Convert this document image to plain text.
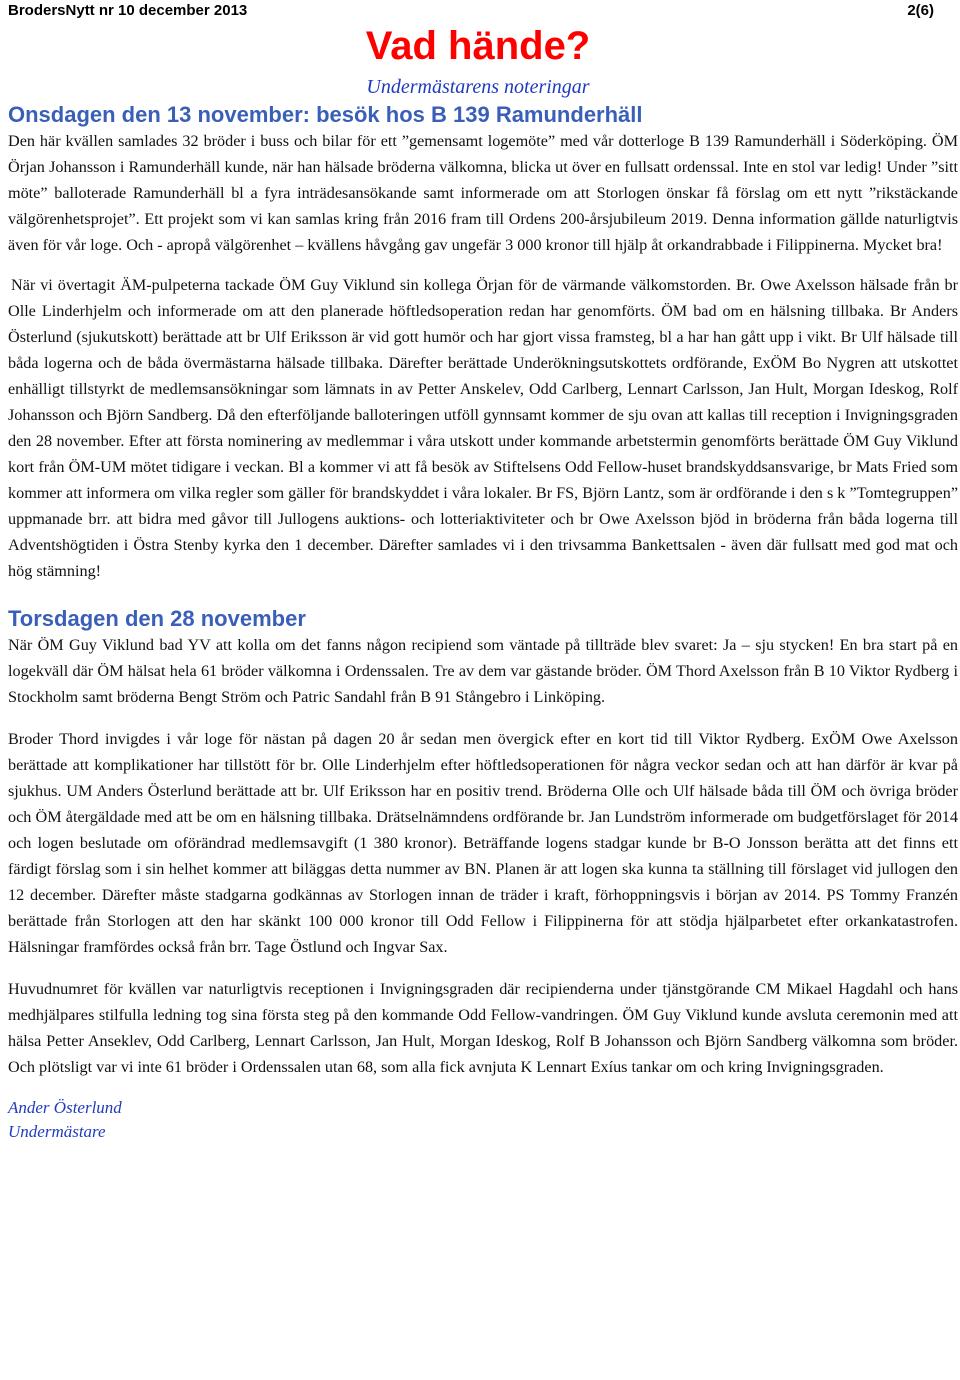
BrodersNytt nr 10 december 2013	2(6)
Vad hände?
Undermästarens noteringar
Onsdagen den 13 november: besök hos B 139 Ramunderhäll

Den här kvällen samlades 32 bröder i buss och bilar för ett ”gemensamt logemöte” med vår dotterloge B 139 Ramunderhäll i Söderköping. ÖM Örjan Johansson i Ramunderhäll kunde, när han hälsade bröderna välkomna, blicka ut över en fullsatt ordenssal. Inte en stol var ledig! Under ”sitt möte” balloterade Ramunderhäll bl a fyra inträdesansökande samt informerade om att Storlogen önskar få förslag om ett nytt ”rikstäckande välgörenhetsprojet”. Ett projekt som vi kan samlas kring från 2016 fram till Ordens 200-årsjubileum 2019. Denna information gällde naturligtvis även för vår loge. Och - apropå välgörenhet – kvällens håvgång gav ungefär 3 000 kronor till hjälp åt orkandrabbade i Filippinerna. Mycket bra!

När vi övertagit ÄM-pulpeterna tackade ÖM Guy Viklund sin kollega Örjan för de värmande välkomstorden. Br. Owe Axelsson hälsade från br Olle Linderhjelm och informerade om att den planerade höftledsoperation redan har genomförts. ÖM bad om en hälsning tillbaka. Br Anders Österlund (sjukutskott) berättade att br Ulf Eriksson är vid gott humör och har gjort vissa framsteg, bl a har han gått upp i vikt. Br Ulf hälsade till båda logerna och de båda övermästarna hälsade tillbaka. Därefter berättade Underökningsutskottets ordförande, ExÖM Bo Nygren att utskottet enhälligt tillstyrkt de medlemsansökningar som lämnats in av Petter Anskelev, Odd Carlberg, Lennart Carlsson, Jan Hult, Morgan Ideskog, Rolf Johansson och Björn Sandberg. Då den efterföljande balloteringen utföll gynnsamt kommer de sju ovan att kallas till reception i Invigningsgraden den 28 november. Efter att första nominering av medlemmar i våra utskott under kommande arbetstermin genomförts berättade ÖM Guy Viklund kort från ÖM-UM mötet tidigare i veckan. Bl a kommer vi att få besök av Stiftelsens Odd Fellow-huset brandskyddsansvarige, br Mats Fried som kommer att informera om vilka regler som gäller för brandskyddet i våra lokaler. Br FS, Björn Lantz, som är ordförande i den s k ”Tomtegruppen” uppmanade brr. att bidra med gåvor till Jullogens auktions- och lotteriaktiviteter och br Owe Axelsson bjöd in bröderna från båda logerna till Adventshögtiden i Östra Stenby kyrka den 1 december. Därefter samlades vi i den trivsamma Bankettsalen - även där fullsatt med god mat och hög stämning!

Torsdagen den 28 november

När ÖM Guy Viklund bad YV att kolla om det fanns någon recipiend som väntade på tillträde blev svaret: Ja – sju stycken! En bra start på en logekväll där ÖM hälsat hela 61 bröder välkomna i Ordenssalen. Tre av dem var gästande bröder. ÖM Thord Axelsson från B 10 Viktor Rydberg i Stockholm samt bröderna Bengt Ström och Patric Sandahl från B 91 Stångebro i Linköping.

Broder Thord invigdes i vår loge för nästan på dagen 20 år sedan men övergick efter en kort tid till Viktor Rydberg. ExÖM Owe Axelsson berättade att komplikationer har tillstött för br. Olle Linderhjelm efter höftledsoperationen för några veckor sedan och att han därför är kvar på sjukhus. UM Anders Österlund berättade att br. Ulf Eriksson har en positiv trend. Bröderna Olle och Ulf hälsade båda till ÖM och övriga bröder och ÖM återgäldade med att be om en hälsning tillbaka. Drätselnämndens ordförande br. Jan Lundström informerade om budgetförslaget för 2014 och logen beslutade om oförändrad medlemsavgift (1 380 kronor). Beträffande logens stadgar kunde br B-O Jonsson berätta att det finns ett färdigt förslag som i sin helhet kommer att biläggas detta nummer av BN. Planen är att logen ska kunna ta ställning till förslaget vid jullogen den 12 december. Därefter måste stadgarna godkännas av Storlogen innan de träder i kraft, förhoppningsvis i början av 2014. PS Tommy Franzén berättade från Storlogen att den har skänkt 100 000 kronor till Odd Fellow i Filippinerna för att stödja hjälparbetet efter orkankatastrofen. Hälsningar framfördes också från brr. Tage Östlund och Ingvar Sax.

Huvudnumret för kvällen var naturligtvis receptionen i Invigningsgraden där recipienderna under tjänstgörande CM Mikael Hagdahl och hans medhjälpares stilfulla ledning tog sina första steg på den kommande Odd Fellow-vandringen. ÖM Guy Viklund kunde avsluta ceremonin med att hälsa Petter Anseklev, Odd Carlberg, Lennart Carlsson, Jan Hult, Morgan Ideskog, Rolf B Johansson och Björn Sandberg välkomna som bröder. Och plötsligt var vi inte 61 bröder i Ordenssalen utan 68, som alla fick avnjuta K Lennart Exíus tankar om och kring Invigningsgraden.

Ander Österlund
Undermästare
